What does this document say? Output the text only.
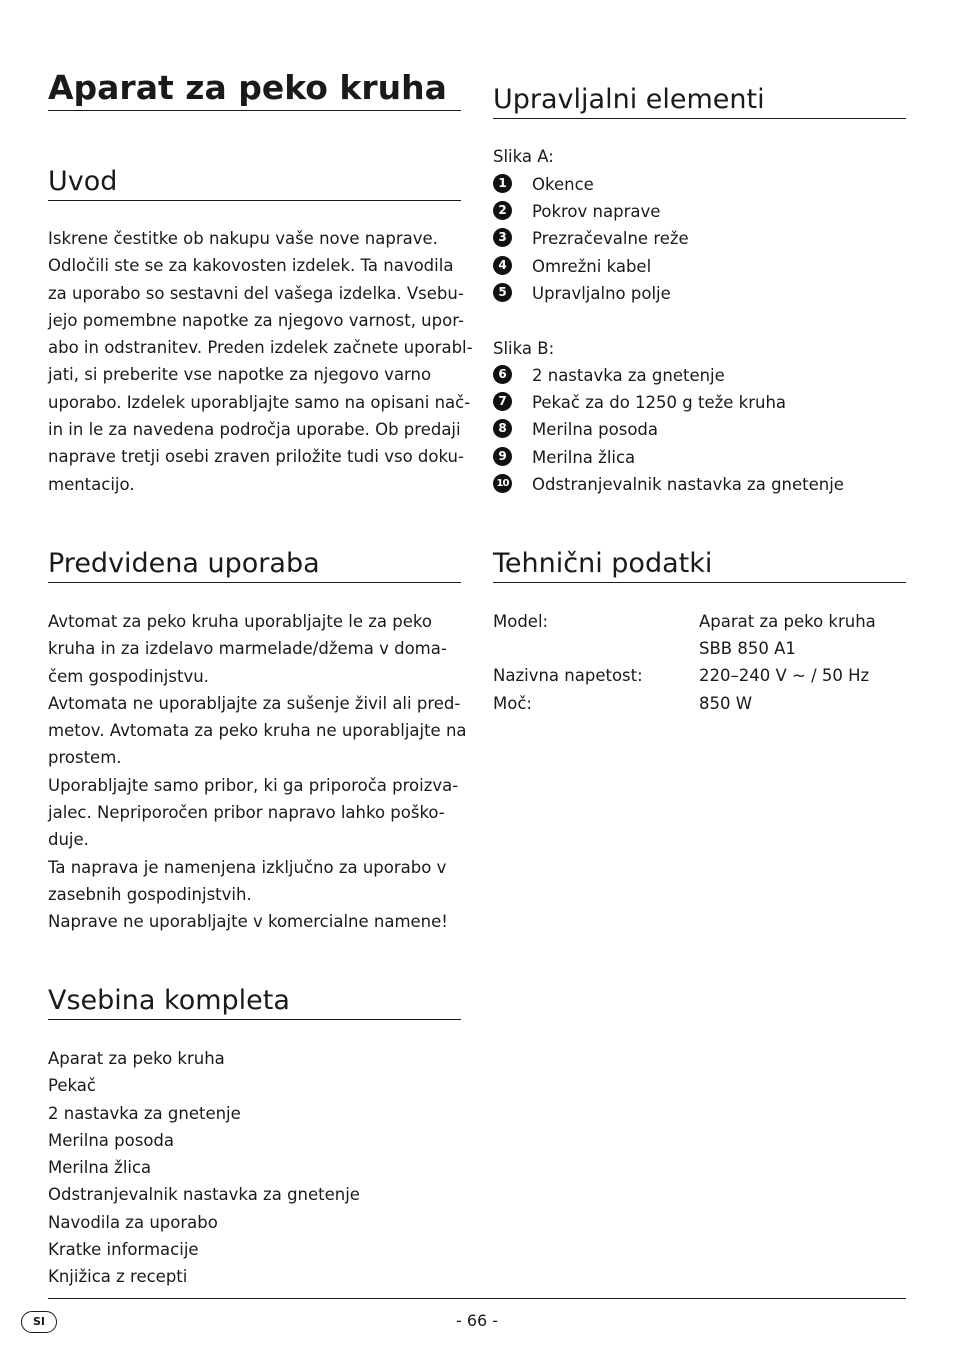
Aparat za peko kruha
Uvod
Iskrene čestitke ob nakupu vaše nove naprave.
Odločili ste se za kakovosten izdelek. Ta navodila
za uporabo so sestavni del vašega izdelka. Vsebu-
jejo pomembne napotke za njegovo varnost, upor-
abo in odstranitev. Preden izdelek začnete uporabl-
jati, si preberite vse napotke za njegovo varno
uporabo. Izdelek uporabljajte samo na opisani nač-
in in le za navedena področja uporabe. Ob predaji
naprave tretji osebi zraven priložite tudi vso doku-
mentacijo.
Predvidena uporaba
Avtomat za peko kruha uporabljajte le za peko
kruha in za izdelavo marmelade/džema v doma-
čem gospodinjstvu.
Avtomata ne uporabljajte za sušenje živil ali pred-
metov. Avtomata za peko kruha ne uporabljajte na
prostem.
Uporabljajte samo pribor, ki ga priporoča proizva-
jalec. Nepriporočen pribor napravo lahko poško-
duje.
Ta naprava je namenjena izključno za uporabo v
zasebnih gospodinjstvih.
Naprave ne uporabljajte v komercialne namene!
Vsebina kompleta
Aparat za peko kruha
Pekač
2 nastavka za gnetenje
Merilna posoda
Merilna žlica
Odstranjevalnik nastavka za gnetenje
Navodila za uporabo
Kratke informacije
Knjižica z recepti
Upravljalni elementi
Slika A:
1 Okence
2 Pokrov naprave
3 Prezračevalne reže
4 Omrežni kabel
5 Upravljalno polje
Slika B:
6 2 nastavka za gnetenje
7 Pekač za do 1250 g teže kruha
8 Merilna posoda
9 Merilna žlica
10 Odstranjevalnik nastavka za gnetenje
Tehnični podatki
Model:	Aparat za peko kruha
SBB 850 A1
Nazivna napetost:	220–240 V ~ / 50 Hz
Moč:	850 W
SI	- 66 -
